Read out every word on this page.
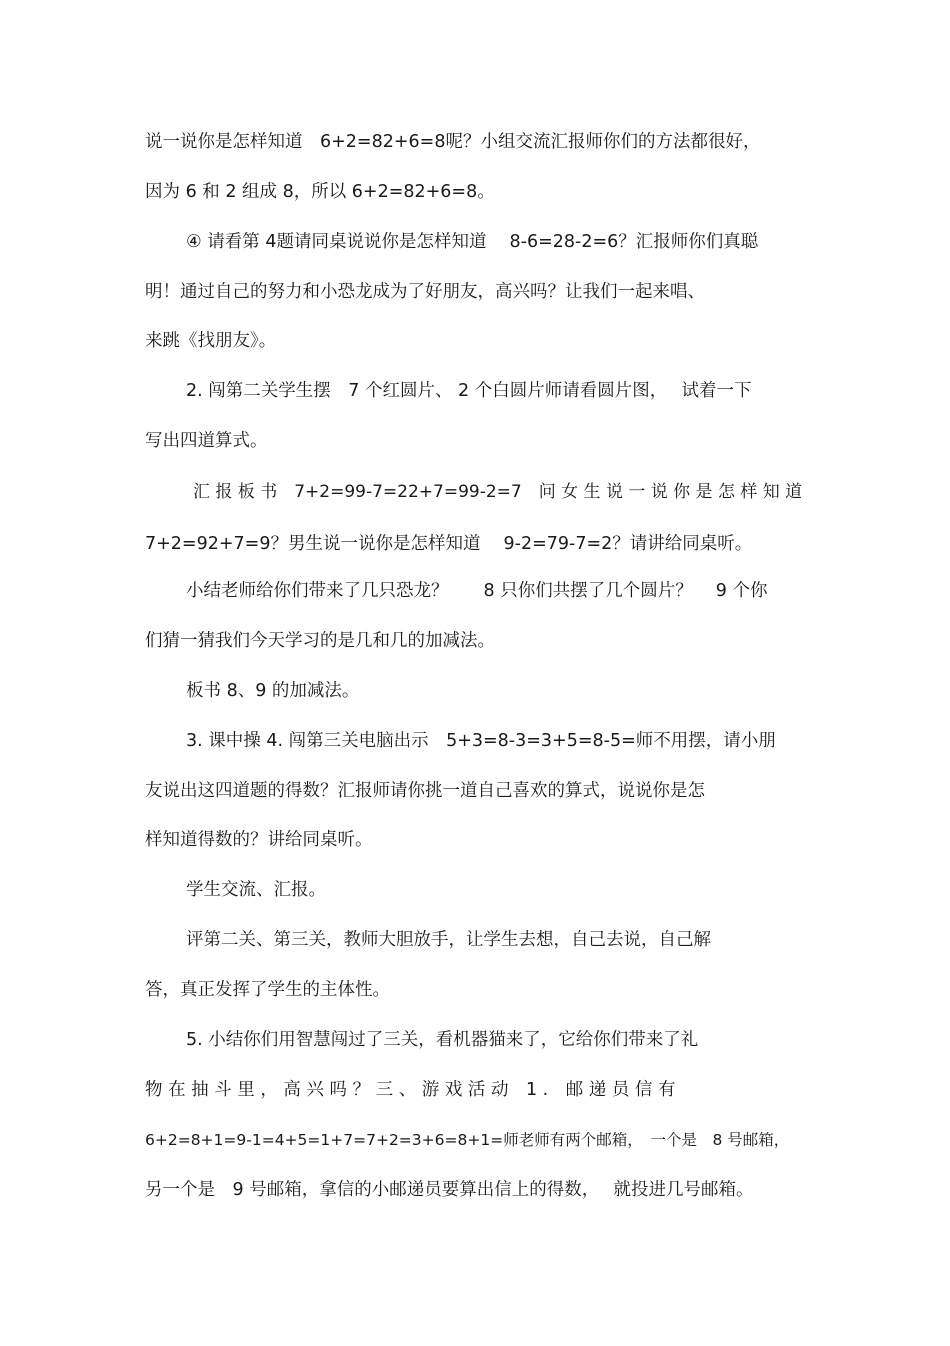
说一说你是怎样知道　6+2=82+6=8呢？小组交流汇报师你们的方法都很好，
因为 6 和 2 组成 8，所以 6+2=82+6=8。
④ 请看第 4题请同桌说说你是怎样知道　 8-6=28-2=6？汇报师你们真聪
明！通过自己的努力和小恐龙成为了好朋友，高兴吗？让我们一起来唱、
来跳《找朋友》。
2. 闯第二关学生摆　7 个红圆片、 2 个白圆片师请看圆片图，　 试着一下
写出四道算式。
汇 报 板 书　7+2=99-7=22+7=99-2=7　问 女 生 说 一 说 你 是 怎 样 知 道
7+2=92+7=9？男生说一说你是怎样知道　 9-2=79-7=2？请讲给同桌听。
小结老师给你们带来了几只恐龙？　　8 只你们共摆了几个圆片？　 9 个你
们猜一猜我们今天学习的是几和几的加减法。
板书 8、9 的加减法。
3. 课中操 4. 闯第三关电脑出示　5+3=8-3=3+5=8-5=师不用摆，请小朋
友说出这四道题的得数？汇报师请你挑一道自己喜欢的算式，说说你是怎
样知道得数的？讲给同桌听。
学生交流、汇报。
评第二关、第三关，教师大胆放手，让学生去想，自己去说，自己解
答，真正发挥了学生的主体性。
5. 小结你们用智慧闯过了三关，看机器猫来了，它给你们带来了礼
物 在 抽 斗 里 ， 高 兴 吗 ？ 三 、 游 戏 活 动　1 .　邮 递 员 信 有
6+2=8+1=9-1=4+5=1+7=7+2=3+6=8+1=师老师有两个邮箱，　一个是　8 号邮箱，
另一个是　9 号邮箱，拿信的小邮递员要算出信上的得数，　 就投进几号邮箱。
